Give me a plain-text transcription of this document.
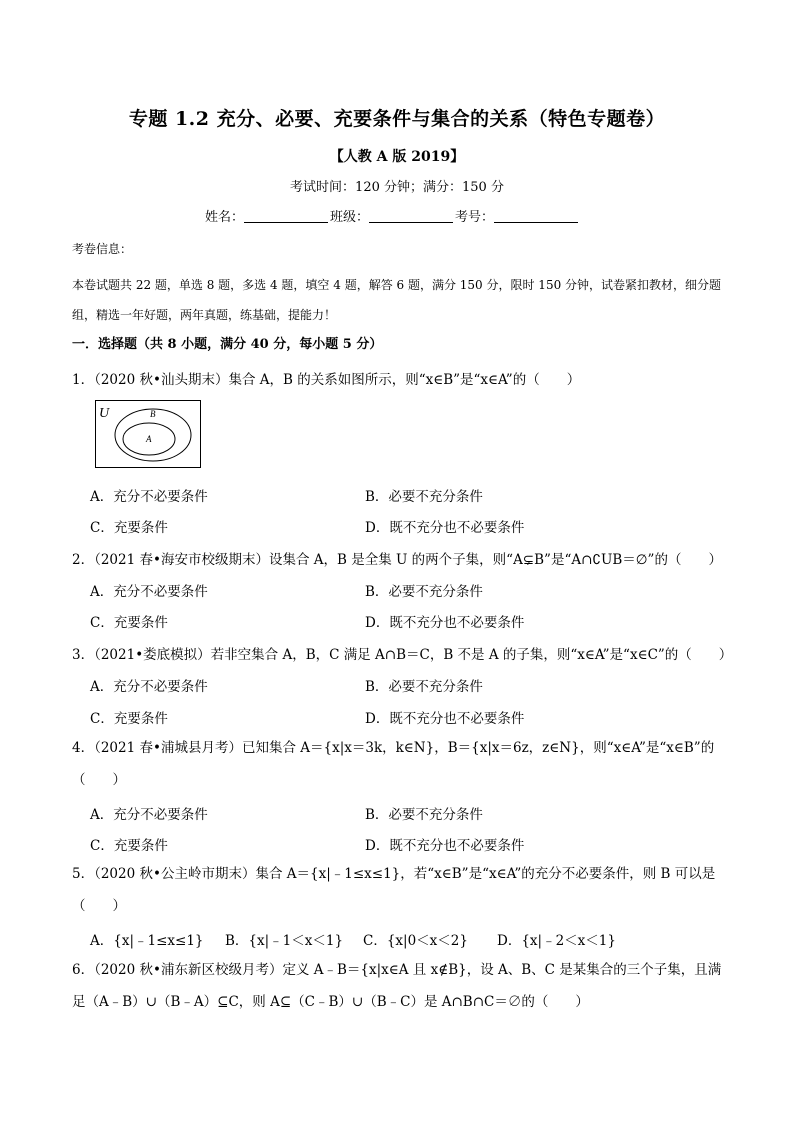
专题 1.2 充分、必要、充要条件与集合的关系（特色专题卷）
【人教 A 版 2019】
考试时间：120 分钟；满分：150 分
姓名：	班级：	考号：
考卷信息：
本卷试题共 22 题，单选 8 题，多选 4 题，填空 4 题，解答 6 题，满分 150 分，限时 150 分钟，试卷紧扣教材，细分题组，精选一年好题，两年真题，练基础，提能力！
一．选择题（共 8 小题，满分 40 分，每小题 5 分）
1．（2020 秋•汕头期末）集合 A，B 的关系如图所示，则“x∈B”是“x∈A”的（　　）
U	B
A
A．充分不必要条件	B．必要不充分条件
C．充要条件	D．既不充分也不必要条件
2．（2021 春•海安市校级期末）设集合 A，B 是全集 U 的两个子集，则“A⊊B”是“A∩∁UB＝∅”的（　　）
A．充分不必要条件	B．必要不充分条件
C．充要条件	D．既不充分也不必要条件
3．（2021•娄底模拟）若非空集合 A，B，C 满足 A∩B＝C，B 不是 A 的子集，则“x∈A”是“x∈C”的（　　）
A．充分不必要条件	B．必要不充分条件
C．充要条件	D．既不充分也不必要条件
4．（2021 春•浦城县月考）已知集合 A＝{x|x＝3k，k∈N}，B＝{x|x＝6z，z∈N}，则“x∈A”是“x∈B”的（　　）
A．充分不必要条件	B．必要不充分条件
C．充要条件	D．既不充分也不必要条件
5．（2020 秋•公主岭市期末）集合 A＝{x|﹣1≤x≤1}，若“x∈B”是“x∈A”的充分不必要条件，则 B 可以是（　　）
A．{x|﹣1≤x≤1} B．{x|﹣1＜x＜1} C．{x|0＜x＜2} D．{x|﹣2＜x＜1}
6．（2020 秋•浦东新区校级月考）定义 A﹣B＝{x|x∈A 且 x∉B}，设 A、B、C 是某集合的三个子集，且满足（A﹣B）∪（B﹣A）⊆C，则 A⊆（C﹣B）∪（B﹣C）是 A∩B∩C＝∅的（　　）
